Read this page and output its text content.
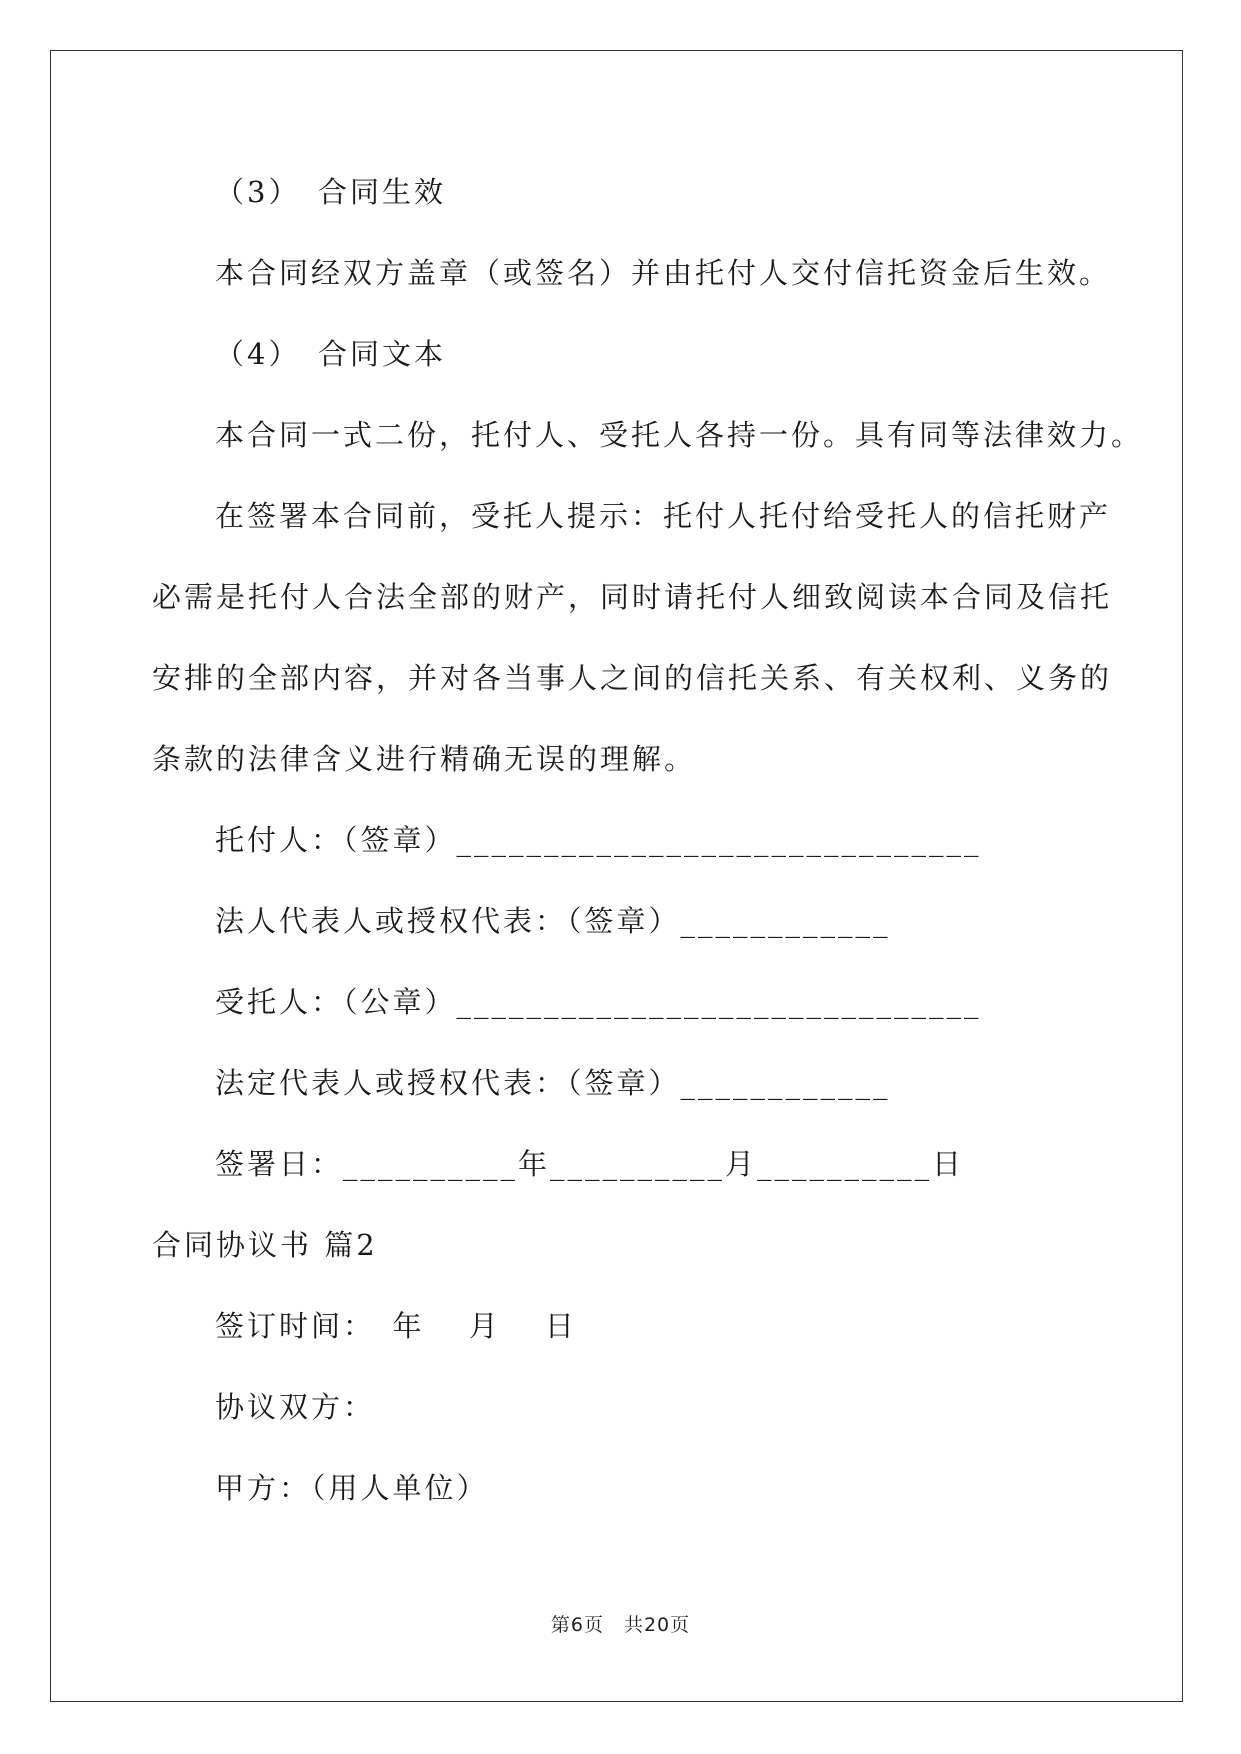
（3）　合同生效
本合同经双方盖章（或签名）并由托付人交付信托资金后生效。
（4）　合同文本
本合同一式二份，托付人、受托人各持一份。具有同等法律效力。
在签署本合同前，受托人提示：托付人托付给受托人的信托财产
必需是托付人合法全部的财产，同时请托付人细致阅读本合同及信托
安排的全部内容，并对各当事人之间的信托关系、有关权利、义务的
条款的法律含义进行精确无误的理解。
托付人：（签章）______________________________
法人代表人或授权代表：（签章）____________
受托人：（公章）______________________________
法定代表人或授权代表：（签章）____________
签署日：__________年__________月__________日
合同协议书 篇2
签订时间：　年　 月　 日
协议双方：
甲方：（用人单位）
第6页　共20页
